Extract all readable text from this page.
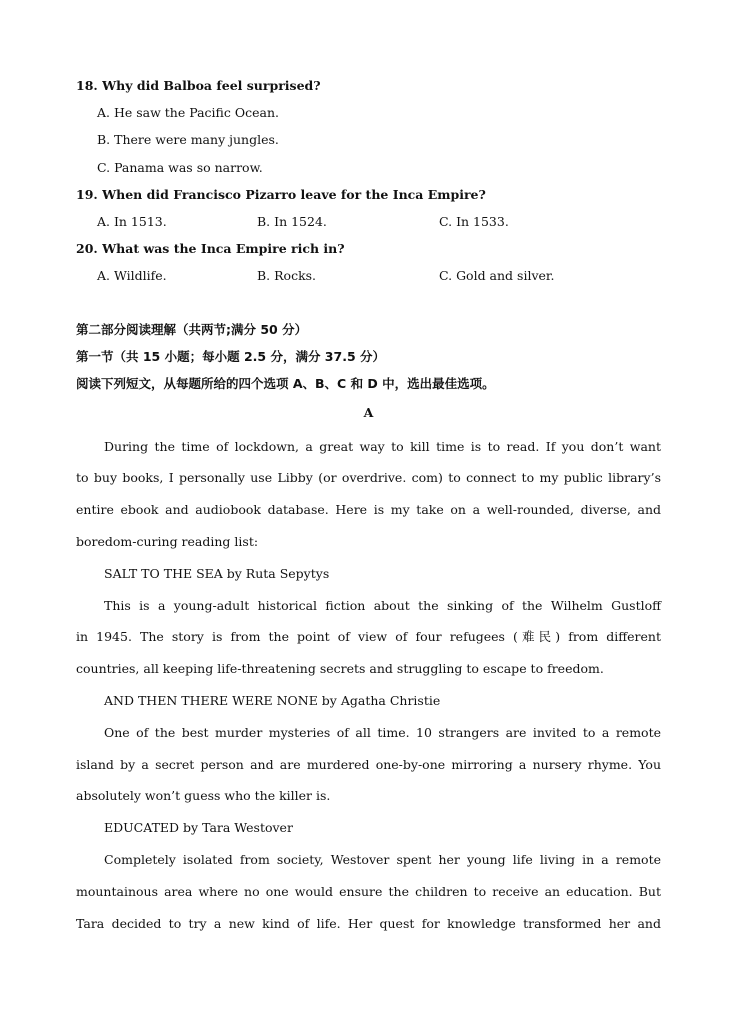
18. Why did Balboa feel surprised?
A. He saw the Pacific Ocean.
B. There were many jungles.
C. Panama was so narrow.
19. When did Francisco Pizarro leave for the Inca Empire?
A. In 1513.	B. In 1524.	C. In 1533.
20. What was the Inca Empire rich in?
A. Wildlife.	B. Rocks.	C. Gold and silver.
第二部分阅读理解（共两节;满分 50 分）
第一节（共 15 小题；每小题 2.5 分，满分 37.5 分）
阅读下列短文，从每题所给的四个选项 A、B、C 和 D 中，选出最佳选项。
A
During the time of lockdown, a great way to kill time is to read. If you don’t want
to buy books, I personally use Libby (or overdrive. com) to connect to my public library’s
entire ebook and audiobook database. Here is my take on a well-rounded, diverse, and
boredom-curing reading list:
SALT TO THE SEA by Ruta Sepytys
This is a young-adult historical fiction about the sinking of the Wilhelm Gustloff
in 1945. The story is from the point of view of four refugees (难民) from different
countries, all keeping life-threatening secrets and struggling to escape to freedom.
AND THEN THERE WERE NONE by Agatha Christie
One of the best murder mysteries of all time. 10 strangers are invited to a remote
island by a secret person and are murdered one-by-one mirroring a nursery rhyme. You
absolutely won’t guess who the killer is.
EDUCATED by Tara Westover
Completely isolated from society, Westover spent her young life living in a remote
mountainous area where no one would ensure the children to receive an education. But
Tara decided to try a new kind of life. Her quest for knowledge transformed her and
